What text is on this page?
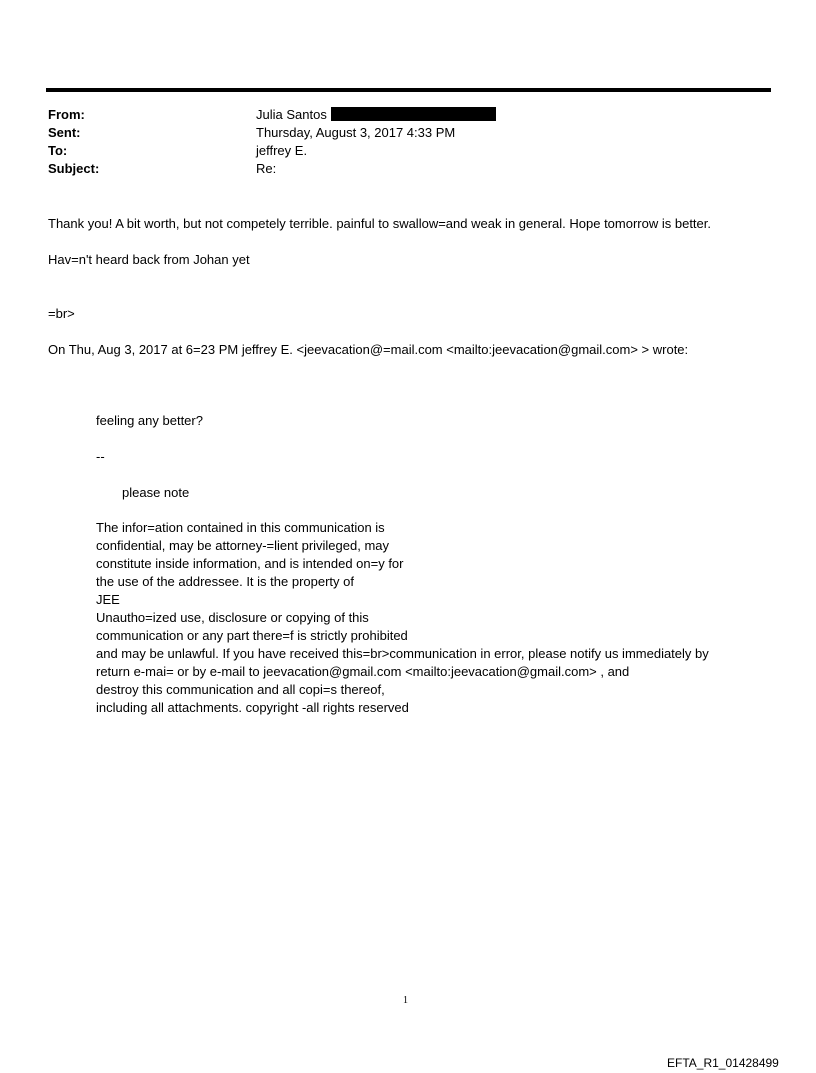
From:	Julia Santos
Sent:	Thursday, August 3, 2017 4:33 PM
To:	jeffrey E.
Subject:	Re:
Thank you! A bit worth, but not competely terrible. painful to swallow=and weak in general. Hope tomorrow is better.
Hav=n't heard back from Johan yet
=br>
On Thu, Aug 3, 2017 at 6=23 PM jeffrey E. <jeevacation@=mail.com <mailto:jeevacation@gmail.com> > wrote:
feeling any better?
--
please note
The infor=ation contained in this communication is
confidential, may be attorney-=lient privileged, may
constitute inside information, and is intended on=y for
the use of the addressee. It is the property of
JEE
Unautho=ized use, disclosure or copying of this
communication or any part there=f is strictly prohibited
and may be unlawful. If you have received this=br>communication in error, please notify us immediately by
return e-mai= or by e-mail to jeevacation@gmail.com <mailto:jeevacation@gmail.com> , and
destroy this communication and all copi=s thereof,
including all attachments. copyright -all rights reserved
1
EFTA_R1_01428499
